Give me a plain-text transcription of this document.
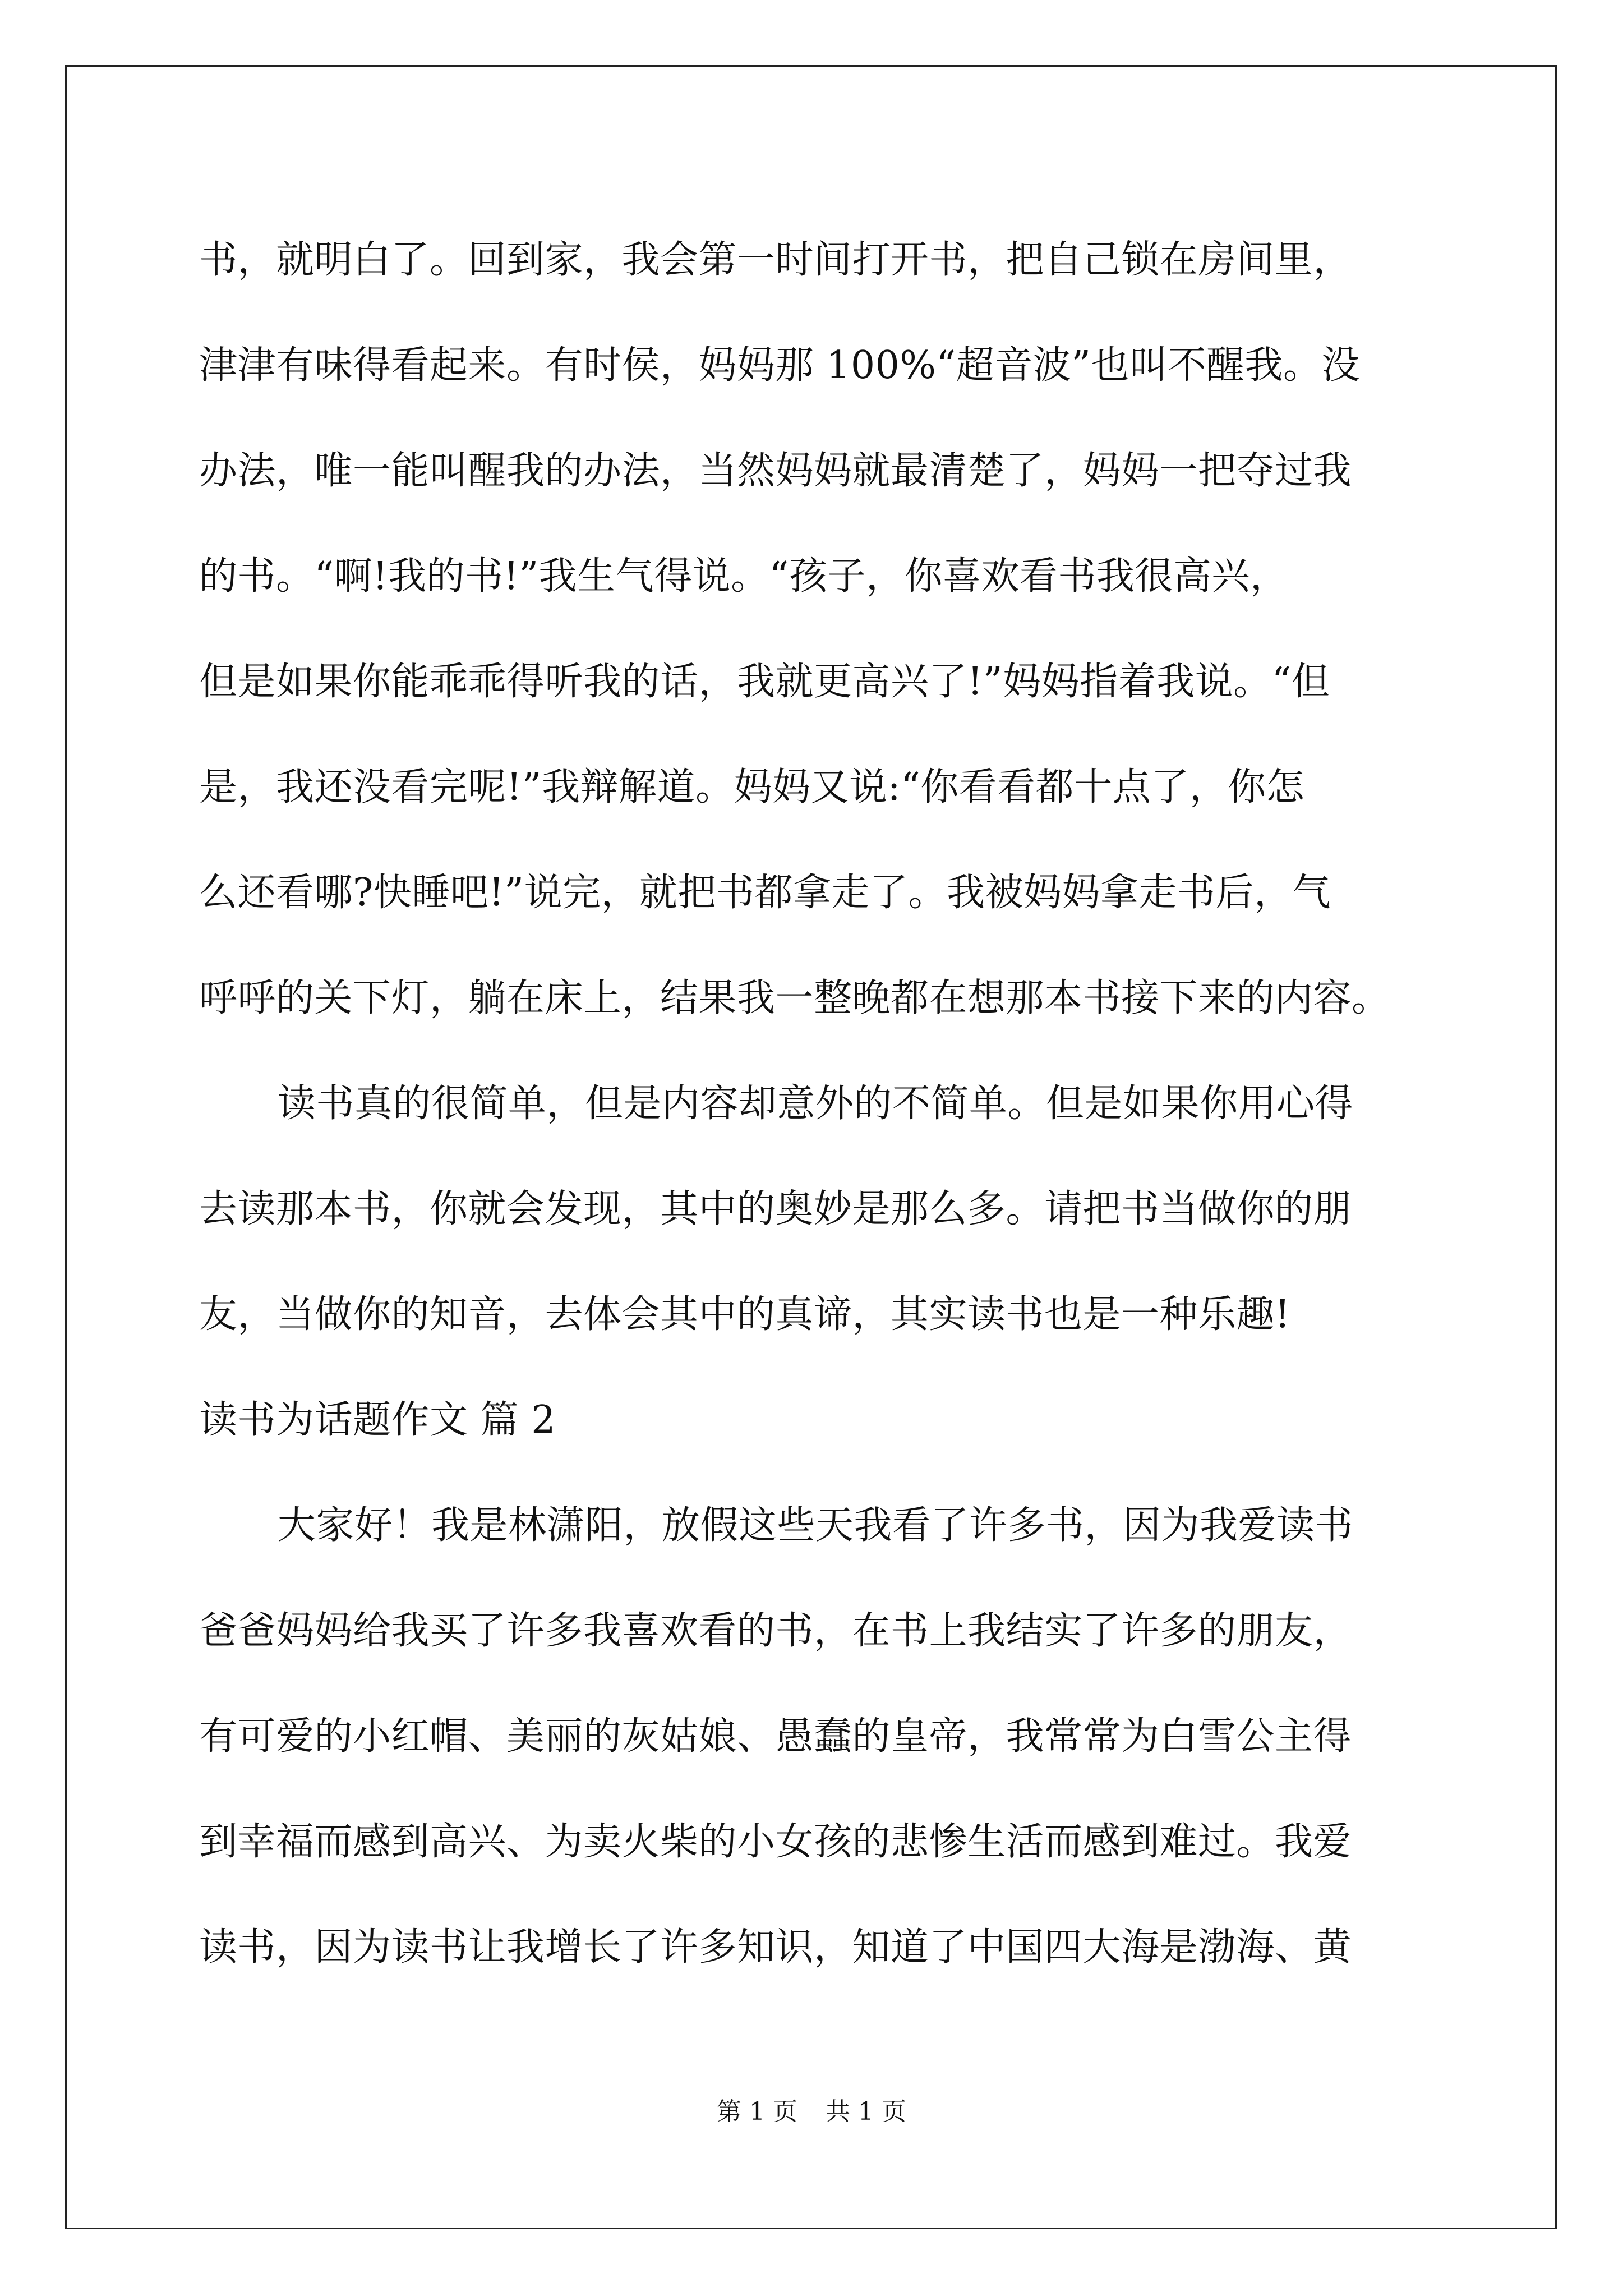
书，就明白了。回到家，我会第一时间打开书，把自己锁在房间里，
津津有味得看起来。有时侯，妈妈那 100%“超音波”也叫不醒我。没
办法，唯一能叫醒我的办法，当然妈妈就最清楚了，妈妈一把夺过我
的书。“啊!我的书!”我生气得说。“孩子，你喜欢看书我很高兴，
但是如果你能乖乖得听我的话，我就更高兴了!”妈妈指着我说。“但
是，我还没看完呢!”我辩解道。妈妈又说:“你看看都十点了，你怎
么还看哪?快睡吧!”说完，就把书都拿走了。我被妈妈拿走书后，气
呼呼的关下灯，躺在床上，结果我一整晚都在想那本书接下来的内容。
读书真的很简单，但是内容却意外的不简单。但是如果你用心得
去读那本书，你就会发现，其中的奥妙是那么多。请把书当做你的朋
友，当做你的知音，去体会其中的真谛，其实读书也是一种乐趣!
读书为话题作文 篇 2
大家好！我是林潇阳，放假这些天我看了许多书，因为我爱读书
爸爸妈妈给我买了许多我喜欢看的书，在书上我结实了许多的朋友，
有可爱的小红帽、美丽的灰姑娘、愚蠢的皇帝，我常常为白雪公主得
到幸福而感到高兴、为卖火柴的小女孩的悲惨生活而感到难过。我爱
读书，因为读书让我增长了许多知识，知道了中国四大海是渤海、黄
第 1 页 共 1 页
